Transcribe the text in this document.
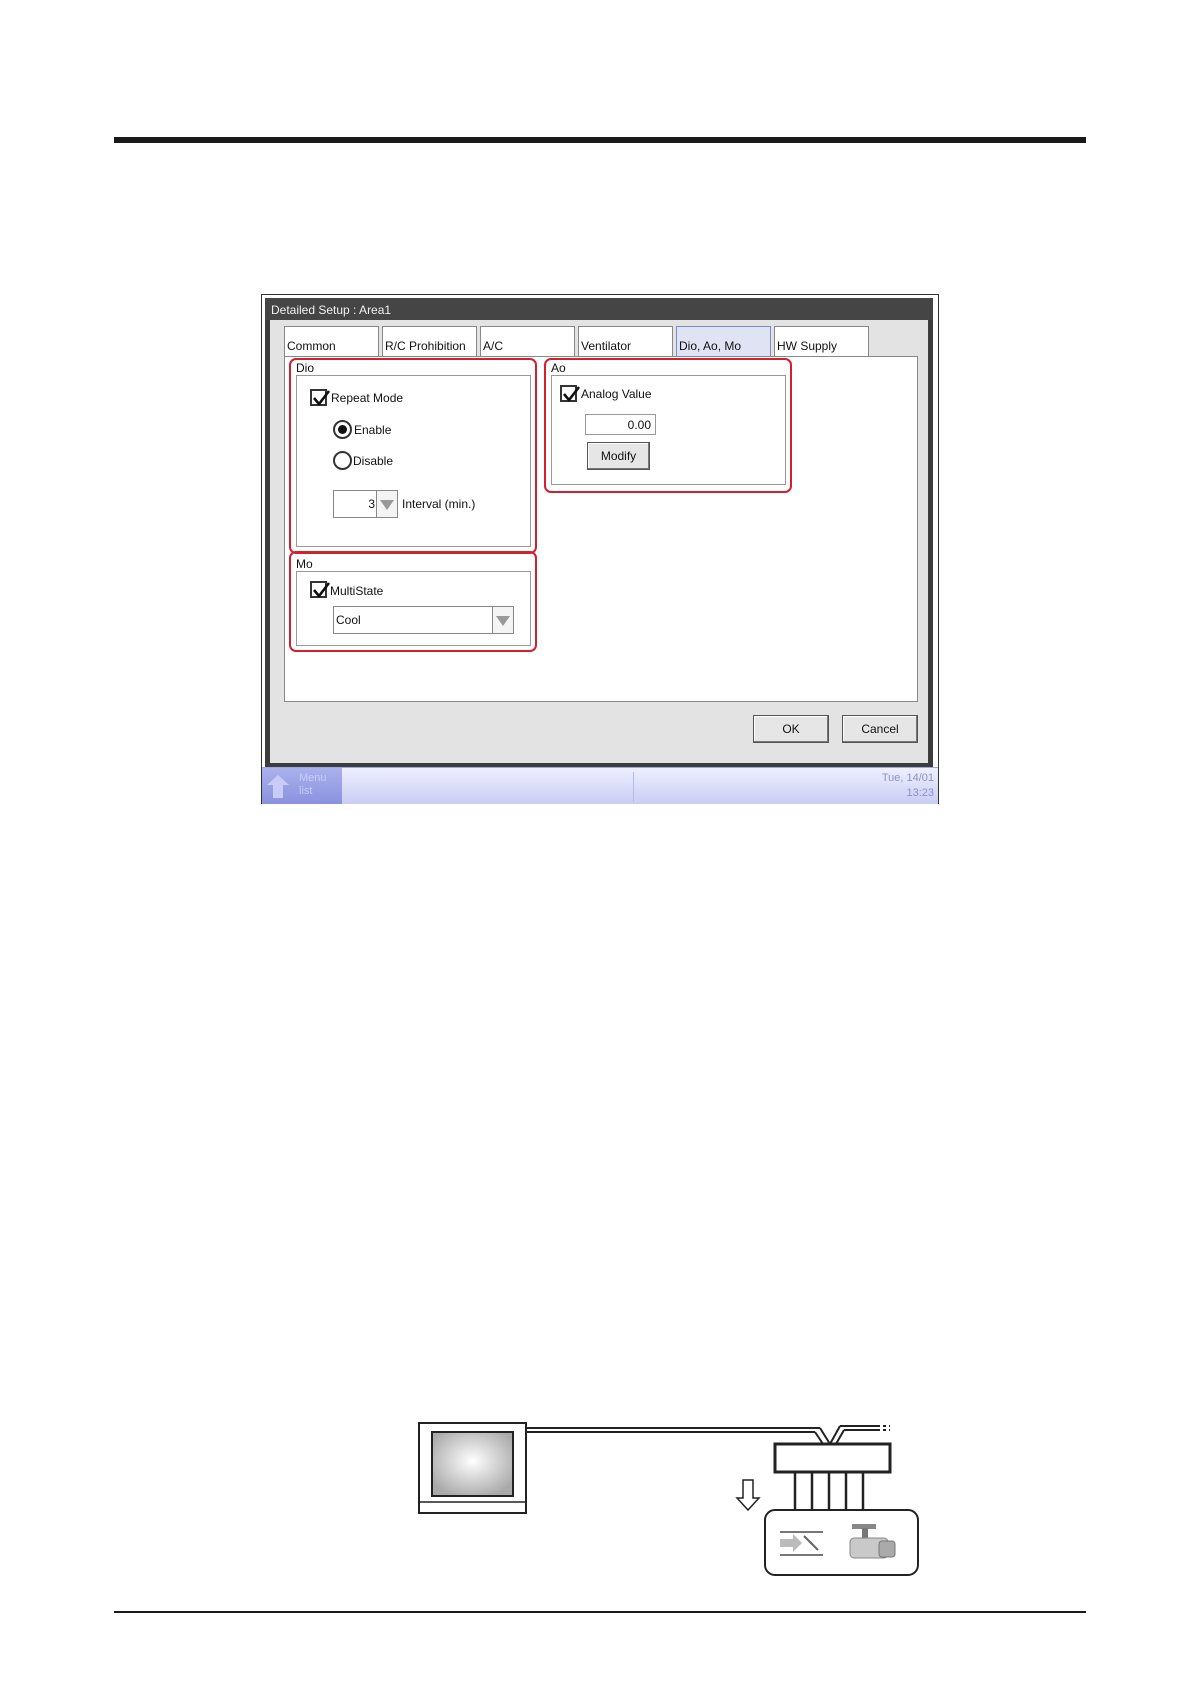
Detailed Setup : Area1
Common	R/C Prohibition	A/C	Ventilator	Dio, Ao, Mo	HW Supply
Dio
Repeat Mode
Enable
Disable
3 Interval (min.)
Ao
Analog Value
0.00
Modify
Mo
MultiState
Cool
OK	Cancel
Menu
list
Tue, 14/01
13:23
